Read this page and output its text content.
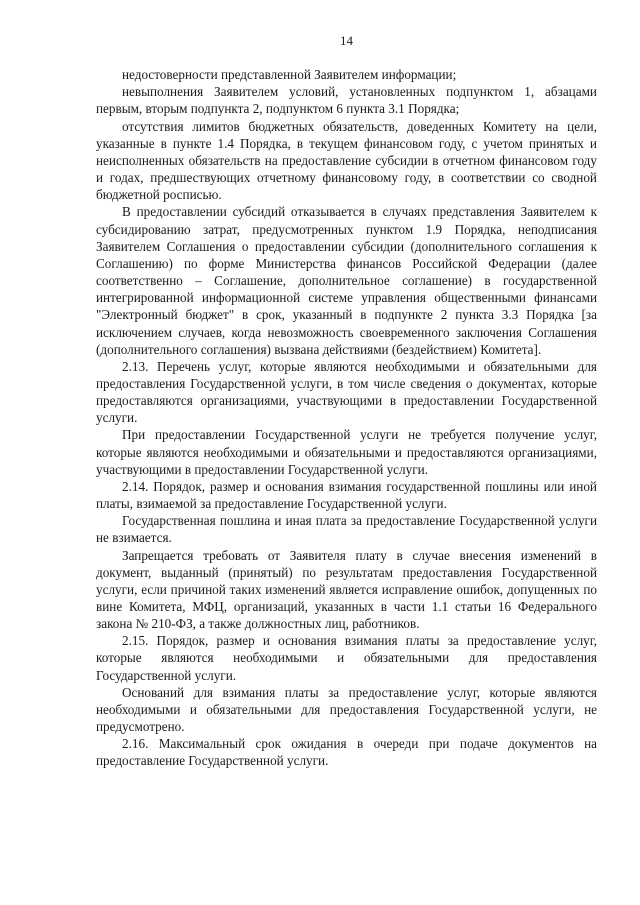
14

недостоверности представленной Заявителем информации;

невыполнения Заявителем условий, установленных подпунктом 1, абзацами первым, вторым подпункта 2, подпунктом 6 пункта 3.1 Порядка;

отсутствия лимитов бюджетных обязательств, доведенных Комитету на цели, указанные в пункте 1.4 Порядка, в текущем финансовом году, с учетом принятых и неисполненных обязательств на предоставление субсидии в отчетном финансовом году и годах, предшествующих отчетному финансовому году, в соответствии со сводной бюджетной росписью.

В предоставлении субсидий отказывается в случаях представления Заявителем к субсидированию затрат, предусмотренных пунктом 1.9 Порядка, неподписания Заявителем Соглашения о предоставлении субсидии (дополнительного соглашения к Соглашению) по форме Министерства финансов Российской Федерации (далее соответственно – Соглашение, дополнительное соглашение) в государственной интегрированной информационной системе управления общественными финансами "Электронный бюджет" в срок, указанный в подпункте 2 пункта 3.3 Порядка [за исключением случаев, когда невозможность своевременного заключения Соглашения (дополнительного соглашения) вызвана действиями (бездействием) Комитета].

2.13. Перечень услуг, которые являются необходимыми и обязательными для предоставления Государственной услуги, в том числе сведения о документах, которые предоставляются организациями, участвующими в предоставлении Государственной услуги.

При предоставлении Государственной услуги не требуется получение услуг, которые являются необходимыми и обязательными и предоставляются организациями, участвующими в предоставлении Государственной услуги.

2.14. Порядок, размер и основания взимания государственной пошлины или иной платы, взимаемой за предоставление Государственной услуги.

Государственная пошлина и иная плата за предоставление Государственной услуги не взимается.

Запрещается требовать от Заявителя плату в случае внесения изменений в документ, выданный (принятый) по результатам предоставления Государственной услуги, если причиной таких изменений является исправление ошибок, допущенных по вине Комитета, МФЦ, организаций, указанных в части 1.1 статьи 16 Федерального закона № 210-ФЗ, а также должностных лиц, работников.

2.15. Порядок, размер и основания взимания платы за предоставление услуг, которые являются необходимыми и обязательными для предоставления Государственной услуги.

Оснований для взимания платы за предоставление услуг, которые являются необходимыми и обязательными для предоставления Государственной услуги, не предусмотрено.

2.16. Максимальный срок ожидания в очереди при подаче документов на предоставление Государственной услуги.
